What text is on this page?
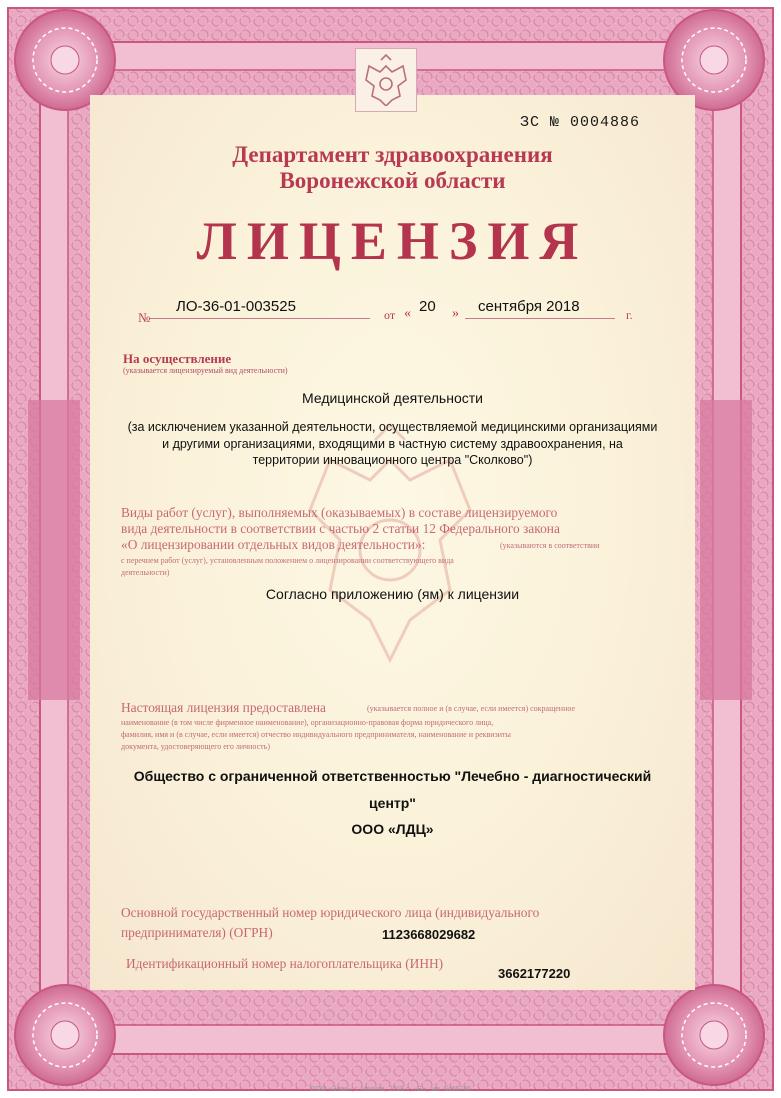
ЗС № 0004886
Департамент здравоохранения
Воронежской области
ЛИЦЕНЗИЯ
№
ЛО-36-01-003525	от « 20 » сентября 2018	г.
На осуществление
(указывается лицензируемый вид деятельности)
Медицинской деятельности
(за исключением указанной деятельности, осуществляемой медицинскими организациями
и другими организациями, входящими в частную систему здравоохранения, на
территории инновационного центра "Сколково")
Виды работ (услуг), выполняемых (оказываемых) в составе лицензируемого
вида деятельности в соответствии с частью 2 статьи 12 Федерального закона
«О лицензировании отдельных видов деятельности»:	(указываются в соответствии
с перечнем работ (услуг), установленным положением о лицензировании соответствующего вида
деятельности)
Согласно приложению (ям) к лицензии
Настоящая лицензия предоставлена	(указывается полное и (в случае, если имеется) сокращенное
наименование (в том числе фирменное наименование), организационно-правовая форма юридического лица,
фамилия, имя и (в случае, если имеется) отчество индивидуального предпринимателя, наименование и реквизиты
документа, удостоверяющего его личность)
Общество с ограниченной ответственностью "Лечебно - диагностический
центр"
ООО «ЛДЦ»
Основной государственный номер юридического лица (индивидуального
предпринимателя) (ОГРН)	1123668029682
Идентификационный номер налогоплательщика (ИНН)
3662177220
ООО «Знак», г. Москва, 2018 г., «Б», зак. №66746
